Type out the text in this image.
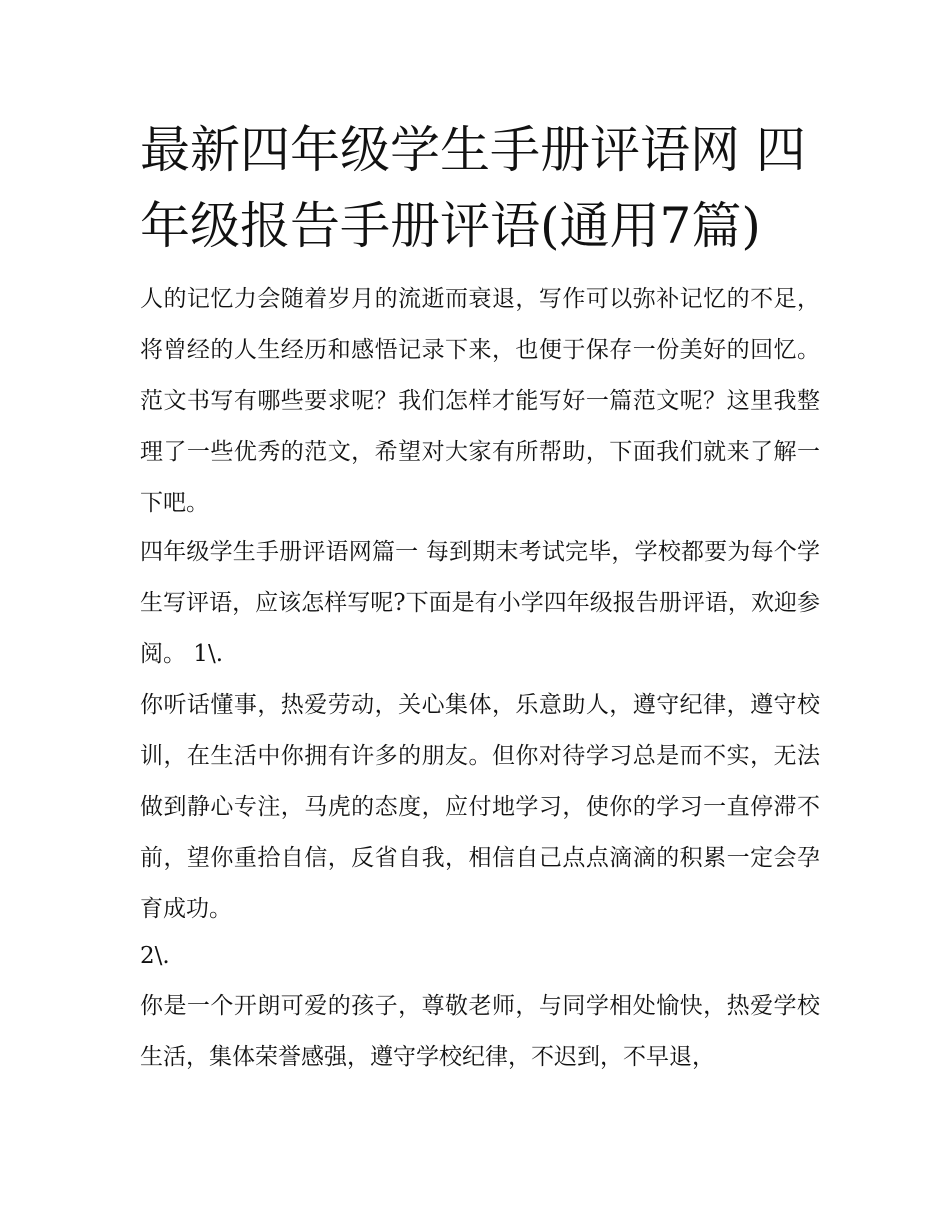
最新四年级学生手册评语网 四年级报告手册评语(通用7篇)

人的记忆力会随着岁月的流逝而衰退，写作可以弥补记忆的不足，将曾经的人生经历和感悟记录下来，也便于保存一份美好的回忆。范文书写有哪些要求呢？我们怎样才能写好一篇范文呢？这里我整理了一些优秀的范文，希望对大家有所帮助，下面我们就来了解一下吧。

四年级学生手册评语网篇一 每到期末考试完毕，学校都要为每个学生写评语，应该怎样写呢?下面是有小学四年级报告册评语，欢迎参阅。 1\.

你听话懂事，热爱劳动，关心集体，乐意助人，遵守纪律，遵守校训，在生活中你拥有许多的朋友。但你对待学习总是而不实，无法做到静心专注，马虎的态度，应付地学习，使你的学习一直停滞不前，望你重拾自信，反省自我，相信自己点点滴滴的积累一定会孕育成功。

2\.

你是一个开朗可爱的孩子，尊敬老师，与同学相处愉快，热爱学校生活，集体荣誉感强，遵守学校纪律，不迟到，不早退，
